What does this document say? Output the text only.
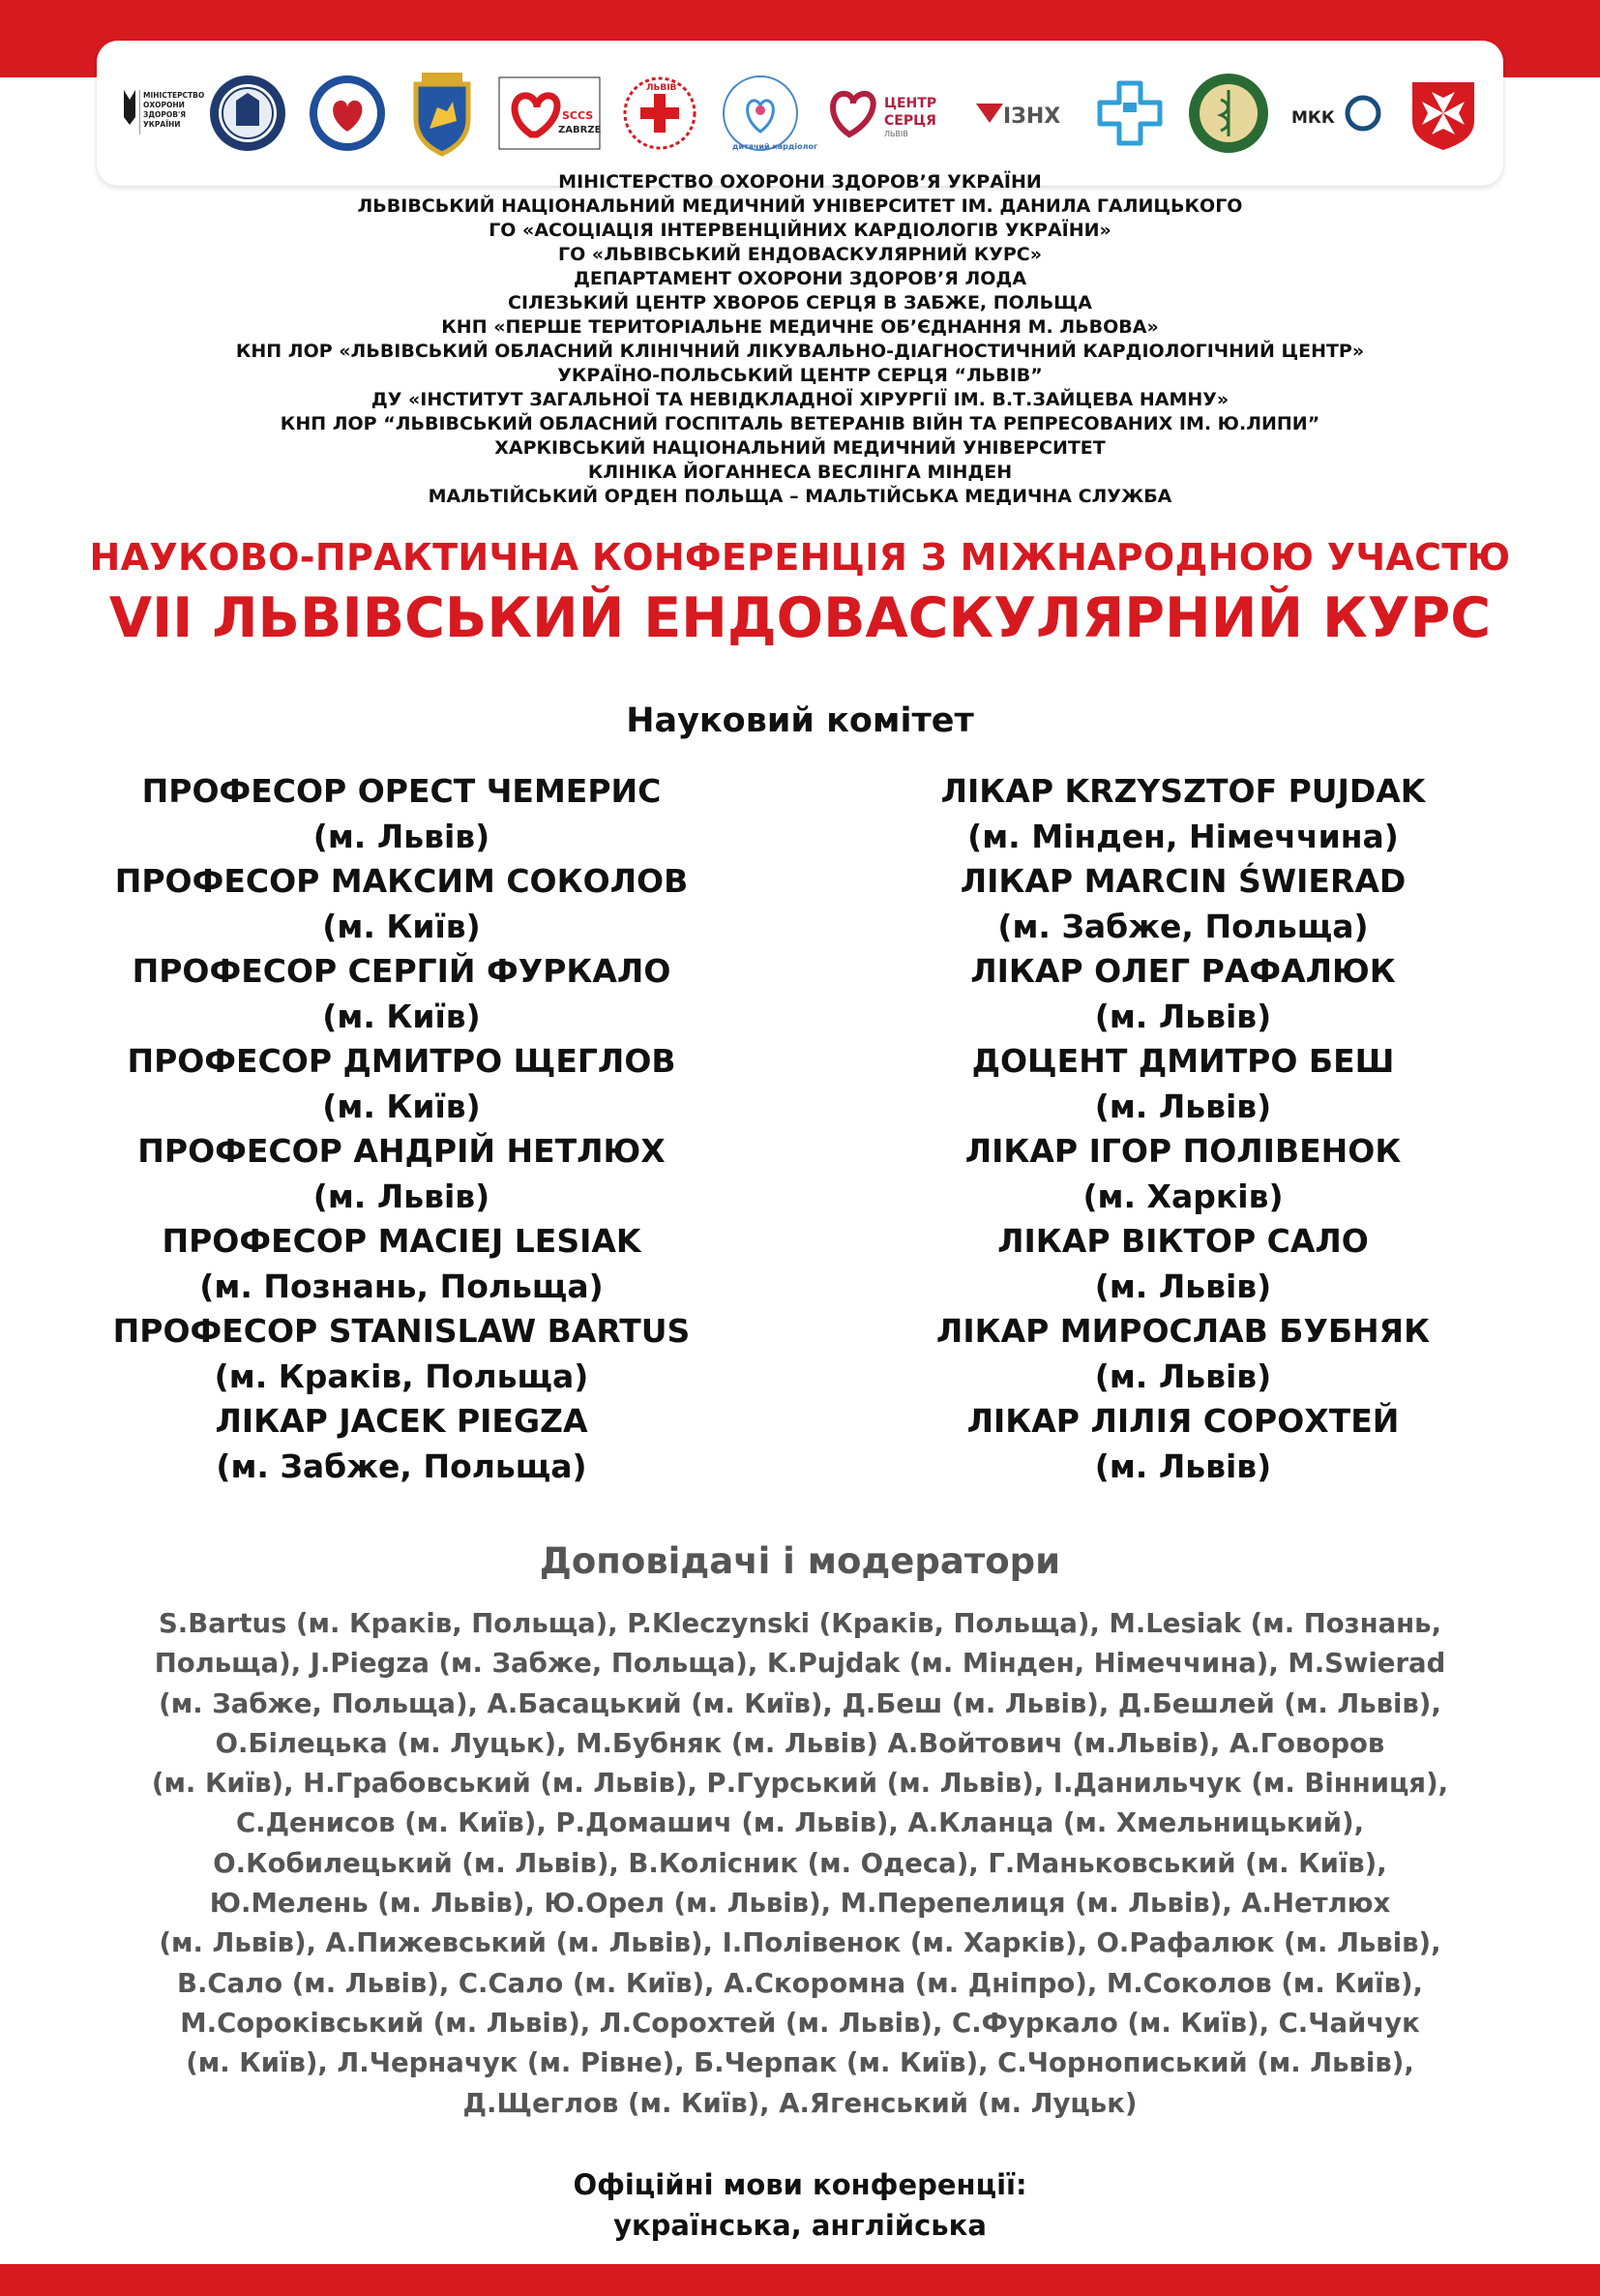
МІНІСТЕРСТВО
ОХОРОНИ
ЗДОРОВ'Я
УКРАЇНИ
SCCS
ZABRZE
ЛЬВІВ
дитячий кардіолог
ЦЕНТР
СЕРЦЯ
ЛЬВІВ
ІЗНХ	МКК
МІНІСТЕРСТВО ОХОРОНИ ЗДОРОВ’Я УКРАЇНИ
ЛЬВІВСЬКИЙ НАЦІОНАЛЬНИЙ МЕДИЧНИЙ УНІВЕРСИТЕТ ІМ. ДАНИЛА ГАЛИЦЬКОГО
ГО «АСОЦІАЦІЯ ІНТЕРВЕНЦІЙНИХ КАРДІОЛОГІВ УКРАЇНИ»
ГО «ЛЬВІВСЬКИЙ ЕНДОВАСКУЛЯРНИЙ КУРС»
ДЕПАРТАМЕНТ ОХОРОНИ ЗДОРОВ’Я ЛОДА
СІЛЕЗЬКИЙ ЦЕНТР ХВОРОБ СЕРЦЯ В ЗАБЖЕ, ПОЛЬЩА
КНП «ПЕРШЕ ТЕРИТОРІАЛЬНЕ МЕДИЧНЕ ОБ’ЄДНАННЯ М. ЛЬВОВА»
КНП ЛОР «ЛЬВІВСЬКИЙ ОБЛАСНИЙ КЛІНІЧНИЙ ЛІКУВАЛЬНО-ДІАГНОСТИЧНИЙ КАРДІОЛОГІЧНИЙ ЦЕНТР»
УКРАЇНО-ПОЛЬСЬКИЙ ЦЕНТР СЕРЦЯ “ЛЬВІВ”
ДУ «ІНСТИТУТ ЗАГАЛЬНОЇ ТА НЕВІДКЛАДНОЇ ХІРУРГІЇ ІМ. В.Т.ЗАЙЦЕВА НАМНУ»
КНП ЛОР “ЛЬВІВСЬКИЙ ОБЛАСНИЙ ГОСПІТАЛЬ ВЕТЕРАНІВ ВІЙН ТА РЕПРЕСОВАНИХ ІМ. Ю.ЛИПИ”
ХАРКІВСЬКИЙ НАЦІОНАЛЬНИЙ МЕДИЧНИЙ УНІВЕРСИТЕТ
КЛІНІКА ЙОГАННЕСА ВЕСЛІНГА МІНДЕН
МАЛЬТІЙСЬКИЙ ОРДЕН ПОЛЬЩА – МАЛЬТІЙСЬКА МЕДИЧНА СЛУЖБА
НАУКОВО-ПРАКТИЧНА КОНФЕРЕНЦІЯ З МІЖНАРОДНОЮ УЧАСТЮ
VII ЛЬВІВСЬКИЙ ЕНДОВАСКУЛЯРНИЙ КУРС
Науковий комітет
ПРОФЕСОР ОРЕСТ ЧЕМЕРИС
(м. Львів)
ПРОФЕСОР МАКСИМ СОКОЛОВ
(м. Київ)
ПРОФЕСОР СЕРГІЙ ФУРКАЛО
(м. Київ)
ПРОФЕСОР ДМИТРО ЩЕГЛОВ
(м. Київ)
ПРОФЕСОР АНДРІЙ НЕТЛЮХ
(м. Львів)
ПРОФЕСОР MACIEJ LESIAK
(м. Познань, Польща)
ПРОФЕСОР STANISLAW BARTUS
(м. Краків, Польща)
ЛІКАР JACEK PIEGZA
(м. Забже, Польща)
ЛІКАР KRZYSZTOF PUJDAK
(м. Мінден, Німеччина)
ЛІКАР MARCIN ŚWIERAD
(м. Забже, Польща)
ЛІКАР ОЛЕГ РАФАЛЮК
(м. Львів)
ДОЦЕНТ ДМИТРО БЕШ
(м. Львів)
ЛІКАР ІГОР ПОЛІВЕНОК
(м. Харків)
ЛІКАР ВІКТОР САЛО
(м. Львів)
ЛІКАР МИРОСЛАВ БУБНЯК
(м. Львів)
ЛІКАР ЛІЛІЯ СОРОХТЕЙ
(м. Львів)
Доповідачі і модератори
S.Bartus (м. Краків, Польща), P.Kleczynski (Краків, Польща), M.Lesiak (м. Познань,
Польща), J.Piegza (м. Забже, Польща), K.Pujdak (м. Мінден, Німеччина), M.Swierad
(м. Забже, Польща), А.Басацький (м. Київ), Д.Беш (м. Львів), Д.Бешлей (м. Львів),
О.Білецька (м. Луцьк), М.Бубняк (м. Львів) А.Войтович (м.Львів), А.Говоров
(м. Київ), Н.Грабовський (м. Львів), Р.Гурський (м. Львів), І.Данильчук (м. Вінниця),
С.Денисов (м. Київ), Р.Домашич (м. Львів), А.Кланца (м. Хмельницький),
О.Кобилецький (м. Львів), В.Колісник (м. Одеса), Г.Маньковський (м. Київ),
Ю.Мелень (м. Львів), Ю.Орел (м. Львів), М.Перепелиця (м. Львів), А.Нетлюх
(м. Львів), А.Пижевський (м. Львів), І.Полівенок (м. Харків), О.Рафалюк (м. Львів),
В.Сало (м. Львів), С.Сало (м. Київ), А.Скоромна (м. Дніпро), М.Соколов (м. Київ),
М.Сороківський (м. Львів), Л.Сорохтей (м. Львів), С.Фуркало (м. Київ), С.Чайчук
(м. Київ), Л.Черначук (м. Рівне), Б.Черпак (м. Київ), С.Чорнописький (м. Львів),
Д.Щеглов (м. Київ), А.Ягенський (м. Луцьк)
Офіційні мови конференції:
українська, англійська
